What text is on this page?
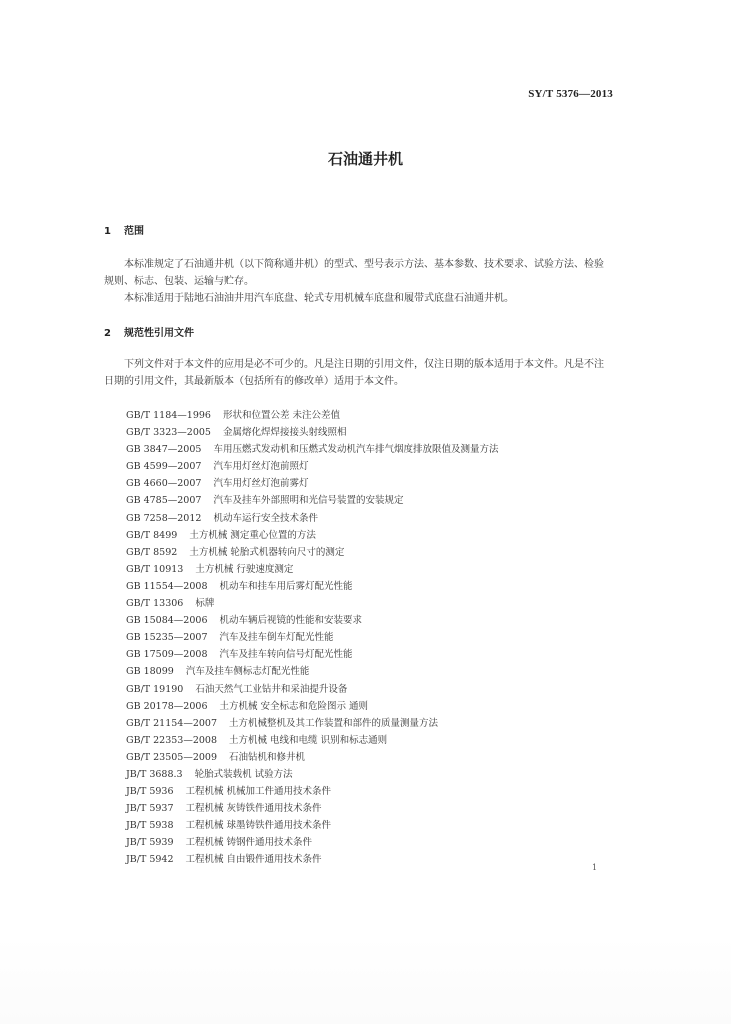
SY/T 5376—2013
石油通井机
1 范围

本标准规定了石油通井机（以下简称通井机）的型式、型号表示方法、基本参数、技术要求、试验方法、检验规则、标志、包装、运输与贮存。

本标准适用于陆地石油油井用汽车底盘、轮式专用机械车底盘和履带式底盘石油通井机。

2 规范性引用文件

下列文件对于本文件的应用是必不可少的。凡是注日期的引用文件，仅注日期的版本适用于本文件。凡是不注日期的引用文件，其最新版本（包括所有的修改单）适用于本文件。

GB/T 1184—1996 形状和位置公差 未注公差值
GB/T 3323—2005 金属熔化焊焊接接头射线照相
GB 3847—2005 车用压燃式发动机和压燃式发动机汽车排气烟度排放限值及测量方法
GB 4599—2007 汽车用灯丝灯泡前照灯
GB 4660—2007 汽车用灯丝灯泡前雾灯
GB 4785—2007 汽车及挂车外部照明和光信号装置的安装规定
GB 7258—2012 机动车运行安全技术条件
GB/T 8499 土方机械 测定重心位置的方法
GB/T 8592 土方机械 轮胎式机器转向尺寸的测定
GB/T 10913 土方机械 行驶速度测定
GB 11554—2008 机动车和挂车用后雾灯配光性能
GB/T 13306 标牌
GB 15084—2006 机动车辆后视镜的性能和安装要求
GB 15235—2007 汽车及挂车倒车灯配光性能
GB 17509—2008 汽车及挂车转向信号灯配光性能
GB 18099 汽车及挂车侧标志灯配光性能
GB/T 19190 石油天然气工业钻井和采油提升设备
GB 20178—2006 土方机械 安全标志和危险图示 通则
GB/T 21154—2007 土方机械整机及其工作装置和部件的质量测量方法
GB/T 22353—2008 土方机械 电线和电缆 识别和标志通则
GB/T 23505—2009 石油钻机和修井机
JB/T 3688.3 轮胎式装载机 试验方法
JB/T 5936 工程机械 机械加工件通用技术条件
JB/T 5937 工程机械 灰铸铁件通用技术条件
JB/T 5938 工程机械 球墨铸铁件通用技术条件
JB/T 5939 工程机械 铸钢件通用技术条件
JB/T 5942 工程机械 自由锻件通用技术条件
1
